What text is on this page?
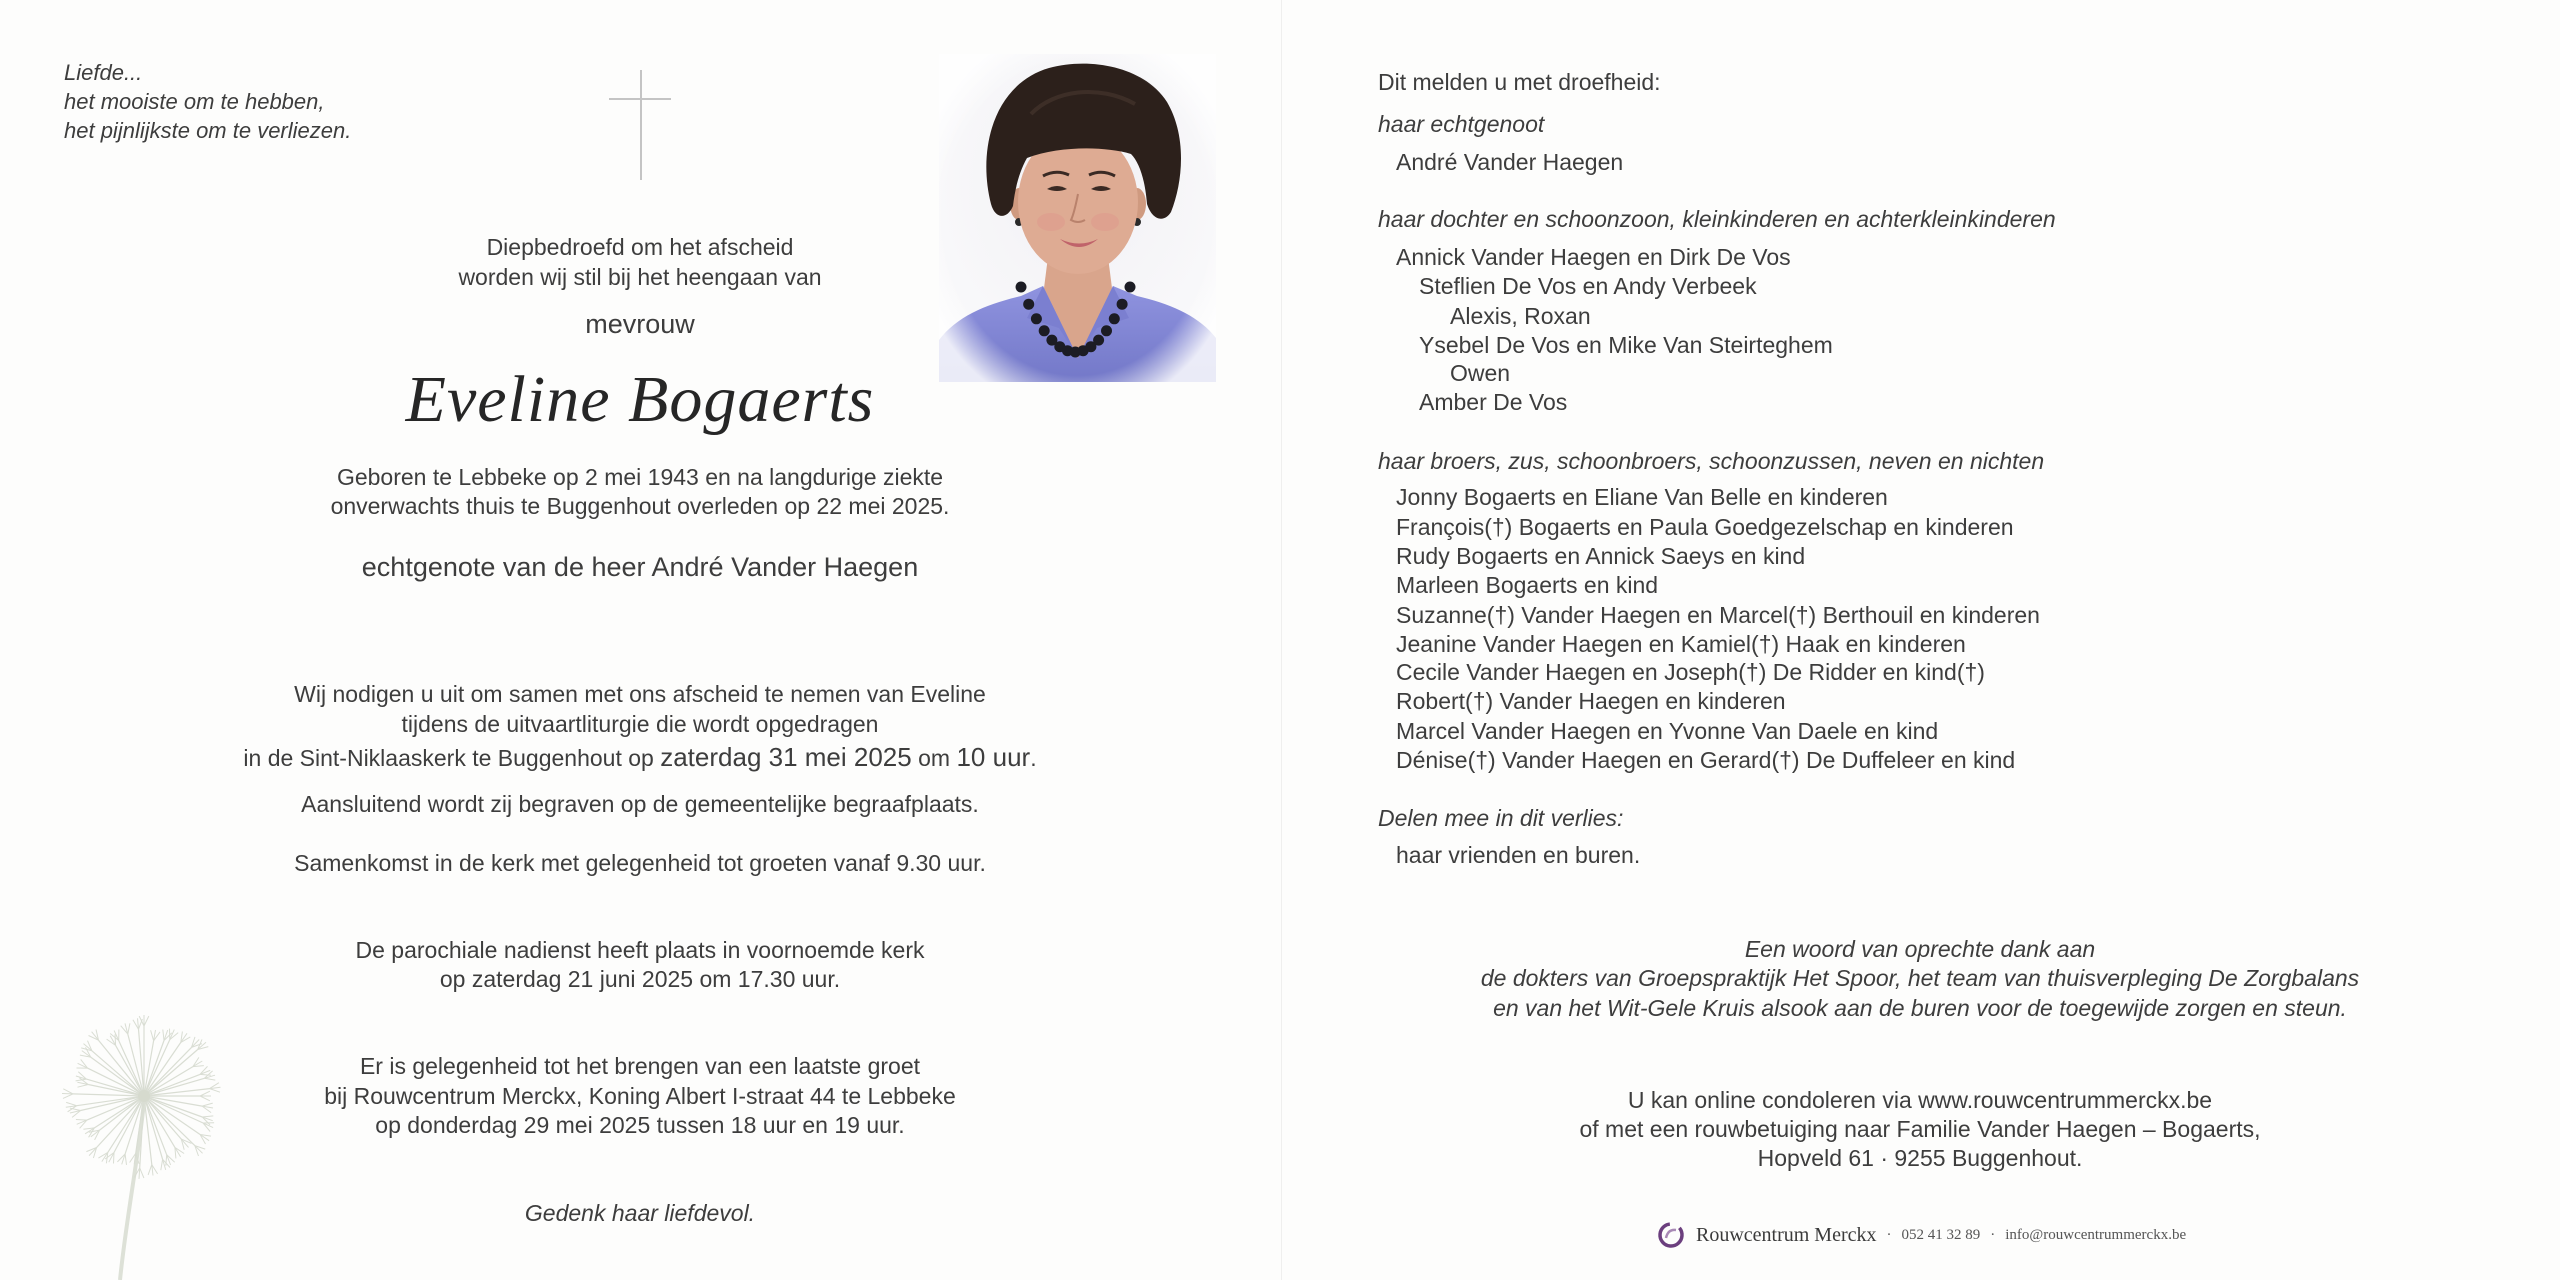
Liefde...
het mooiste om te hebben,
het pijnlijkste om te verliezen.
Diepbedroefd om het afscheid
worden wij stil bij het heengaan van
mevrouw
Eveline Bogaerts
Geboren te Lebbeke op 2 mei 1943 en na langdurige ziekte
onverwachts thuis te Buggenhout overleden op 22 mei 2025.
echtgenote van de heer André Vander Haegen
Wij nodigen u uit om samen met ons afscheid te nemen van Eveline
tijdens de uitvaartliturgie die wordt opgedragen
in de Sint-Niklaaskerk te Buggenhout op zaterdag 31 mei 2025 om 10 uur.
Aansluitend wordt zij begraven op de gemeentelijke begraafplaats.
Samenkomst in de kerk met gelegenheid tot groeten vanaf 9.30 uur.
De parochiale nadienst heeft plaats in voornoemde kerk
op zaterdag 21 juni 2025 om 17.30 uur.
Er is gelegenheid tot het brengen van een laatste groet
bij Rouwcentrum Merckx, Koning Albert I-straat 44 te Lebbeke
op donderdag 29 mei 2025 tussen 18 uur en 19 uur.
Gedenk haar liefdevol.
Dit melden u met droefheid:
haar echtgenoot
André Vander Haegen
haar dochter en schoonzoon, kleinkinderen en achterkleinkinderen
Annick Vander Haegen en Dirk De Vos
Steflien De Vos en Andy Verbeek
Alexis, Roxan
Ysebel De Vos en Mike Van Steirteghem
Owen
Amber De Vos
haar broers, zus, schoonbroers, schoonzussen, neven en nichten
Jonny Bogaerts en Eliane Van Belle en kinderen
François(†) Bogaerts en Paula Goedgezelschap en kinderen
Rudy Bogaerts en Annick Saeys en kind
Marleen Bogaerts en kind
Suzanne(†) Vander Haegen en Marcel(†) Berthouil en kinderen
Jeanine Vander Haegen en Kamiel(†) Haak en kinderen
Cecile Vander Haegen en Joseph(†) De Ridder en kind(†)
Robert(†) Vander Haegen en kinderen
Marcel Vander Haegen en Yvonne Van Daele en kind
Dénise(†) Vander Haegen en Gerard(†) De Duffeleer en kind
Delen mee in dit verlies:
haar vrienden en buren.
Een woord van oprechte dank aan
de dokters van Groepspraktijk Het Spoor, het team van thuisverpleging De Zorgbalans
en van het Wit-Gele Kruis alsook aan de buren voor de toegewijde zorgen en steun.
U kan online condoleren via www.rouwcentrummerckx.be
of met een rouwbetuiging naar Familie Vander Haegen – Bogaerts,
Hopveld 61 · 9255 Buggenhout.
Rouwcentrum Merckx · 052 41 32 89 · info@rouwcentrummerckx.be
